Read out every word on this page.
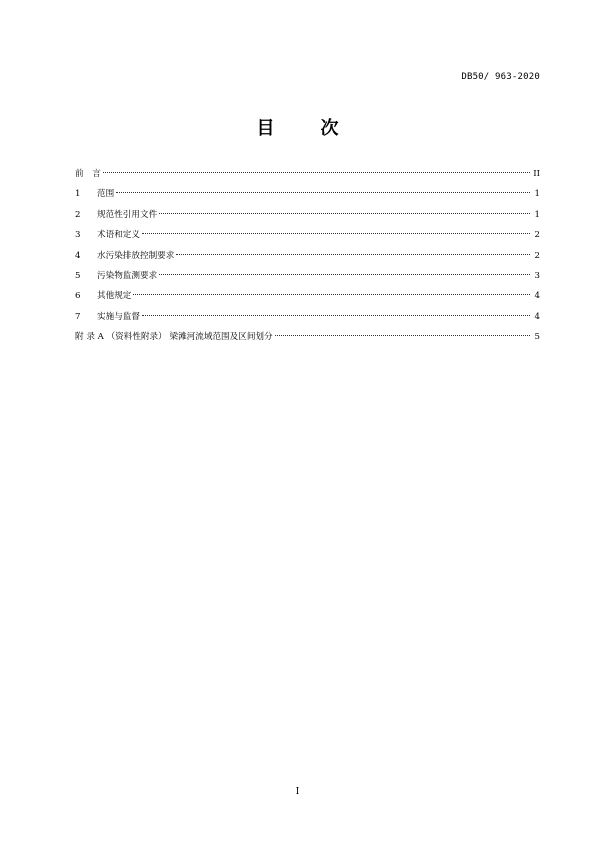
DB50/ 963-2020
目　次
前　言	II
1	范围	1
2	规范性引用文件	1
3	术语和定义	2
4	水污染排放控制要求	2
5	污染物监测要求	3
6	其他规定	4
7	实施与监督	4
附 录 A （资料性附录） 梁滩河流域范围及区间划分	5
I
